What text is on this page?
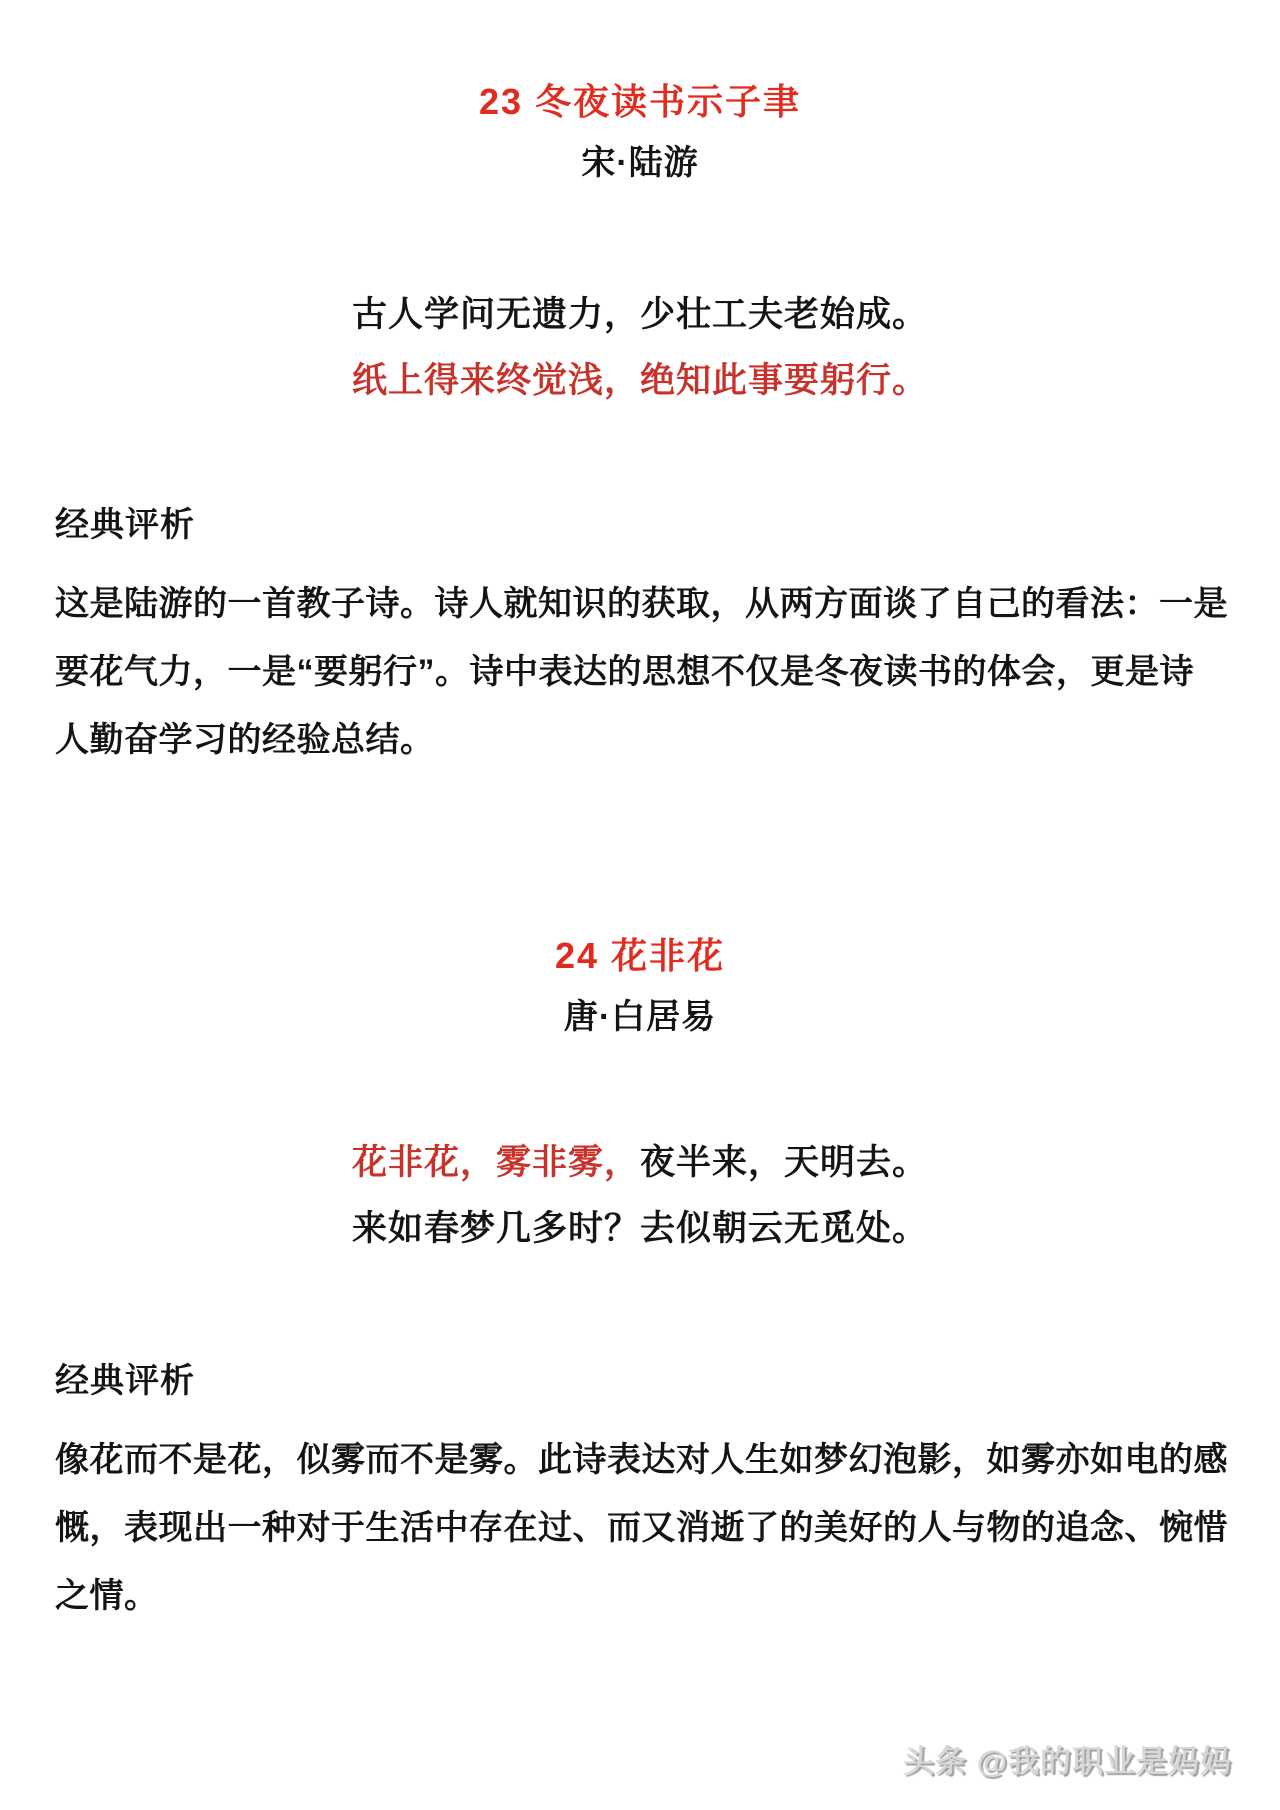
23 冬夜读书示子聿
宋·陆游
古人学问无遗力，少壮工夫老始成。
纸上得来终觉浅，绝知此事要躬行。
经典评析
这是陆游的一首教子诗。诗人就知识的获取，从两方面谈了自己的看法：一是
要花气力，一是“要躬行”。诗中表达的思想不仅是冬夜读书的体会，更是诗
人勤奋学习的经验总结。
24 花非花
唐·白居易
花非花，雾非雾，夜半来，天明去。
来如春梦几多时？去似朝云无觅处。
经典评析
像花而不是花，似雾而不是雾。此诗表达对人生如梦幻泡影，如雾亦如电的感
慨，表现出一种对于生活中存在过、而又消逝了的美好的人与物的追念、惋惜
之情。
头条 @我的职业是妈妈
